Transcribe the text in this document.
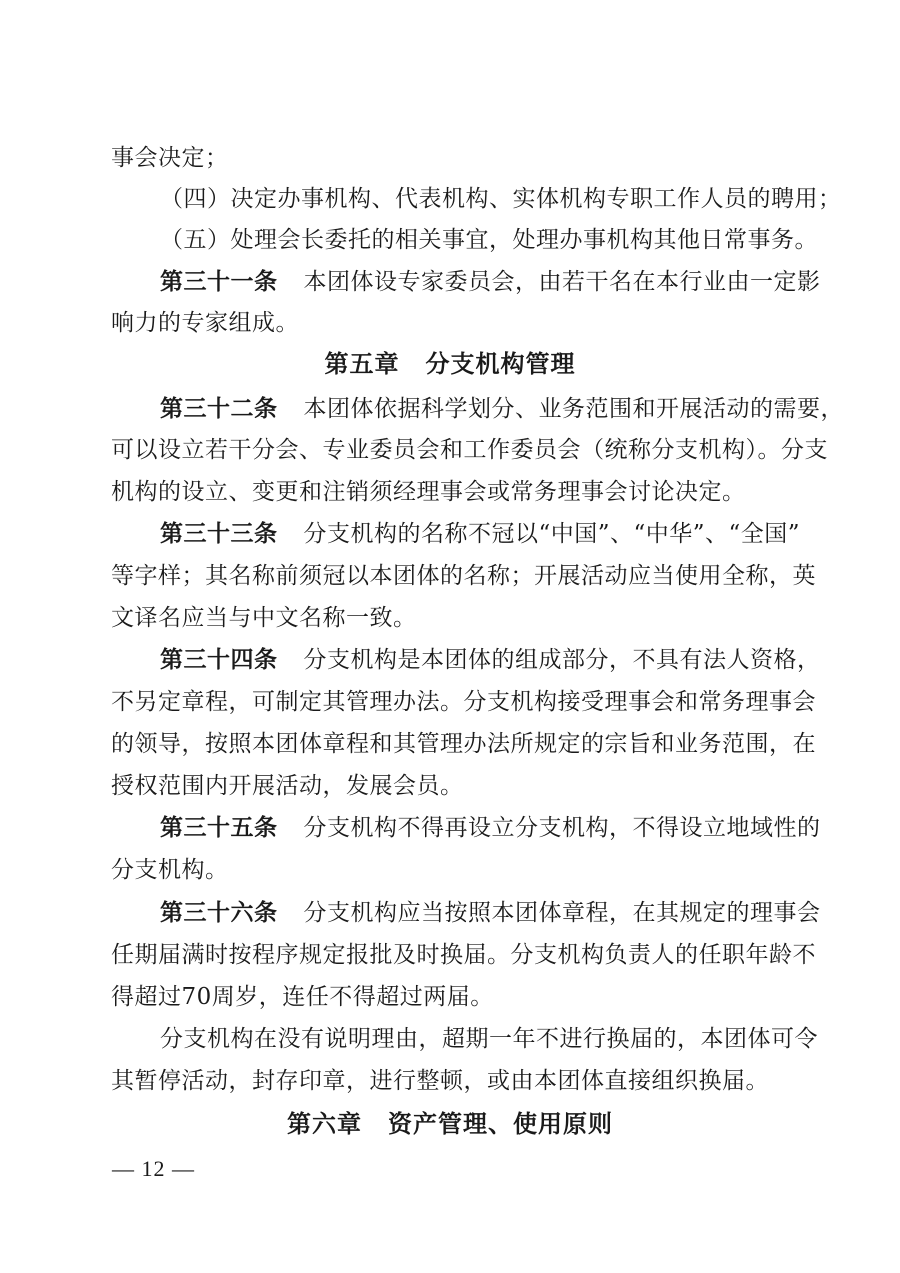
事会决定；
（四）决定办事机构、代表机构、实体机构专职工作人员的聘用；
（五）处理会长委托的相关事宜，处理办事机构其他日常事务。
第三十一条 本团体设专家委员会，由若干名在本行业由一定影
响力的专家组成。
第五章 分支机构管理
第三十二条 本团体依据科学划分、业务范围和开展活动的需要，
可以设立若干分会、专业委员会和工作委员会（统称分支机构）。分支
机构的设立、变更和注销须经理事会或常务理事会讨论决定。
第三十三条 分支机构的名称不冠以“中国”、“中华”、“全国”
等字样；其名称前须冠以本团体的名称；开展活动应当使用全称，英
文译名应当与中文名称一致。
第三十四条 分支机构是本团体的组成部分，不具有法人资格，
不另定章程，可制定其管理办法。分支机构接受理事会和常务理事会
的领导，按照本团体章程和其管理办法所规定的宗旨和业务范围，在
授权范围内开展活动，发展会员。
第三十五条 分支机构不得再设立分支机构，不得设立地域性的
分支机构。
第三十六条 分支机构应当按照本团体章程，在其规定的理事会
任期届满时按程序规定报批及时换届。分支机构负责人的任职年龄不
得超过70周岁，连任不得超过两届。
分支机构在没有说明理由，超期一年不进行换届的，本团体可令
其暂停活动，封存印章，进行整顿，或由本团体直接组织换届。
第六章 资产管理、使用原则
— 12 —
